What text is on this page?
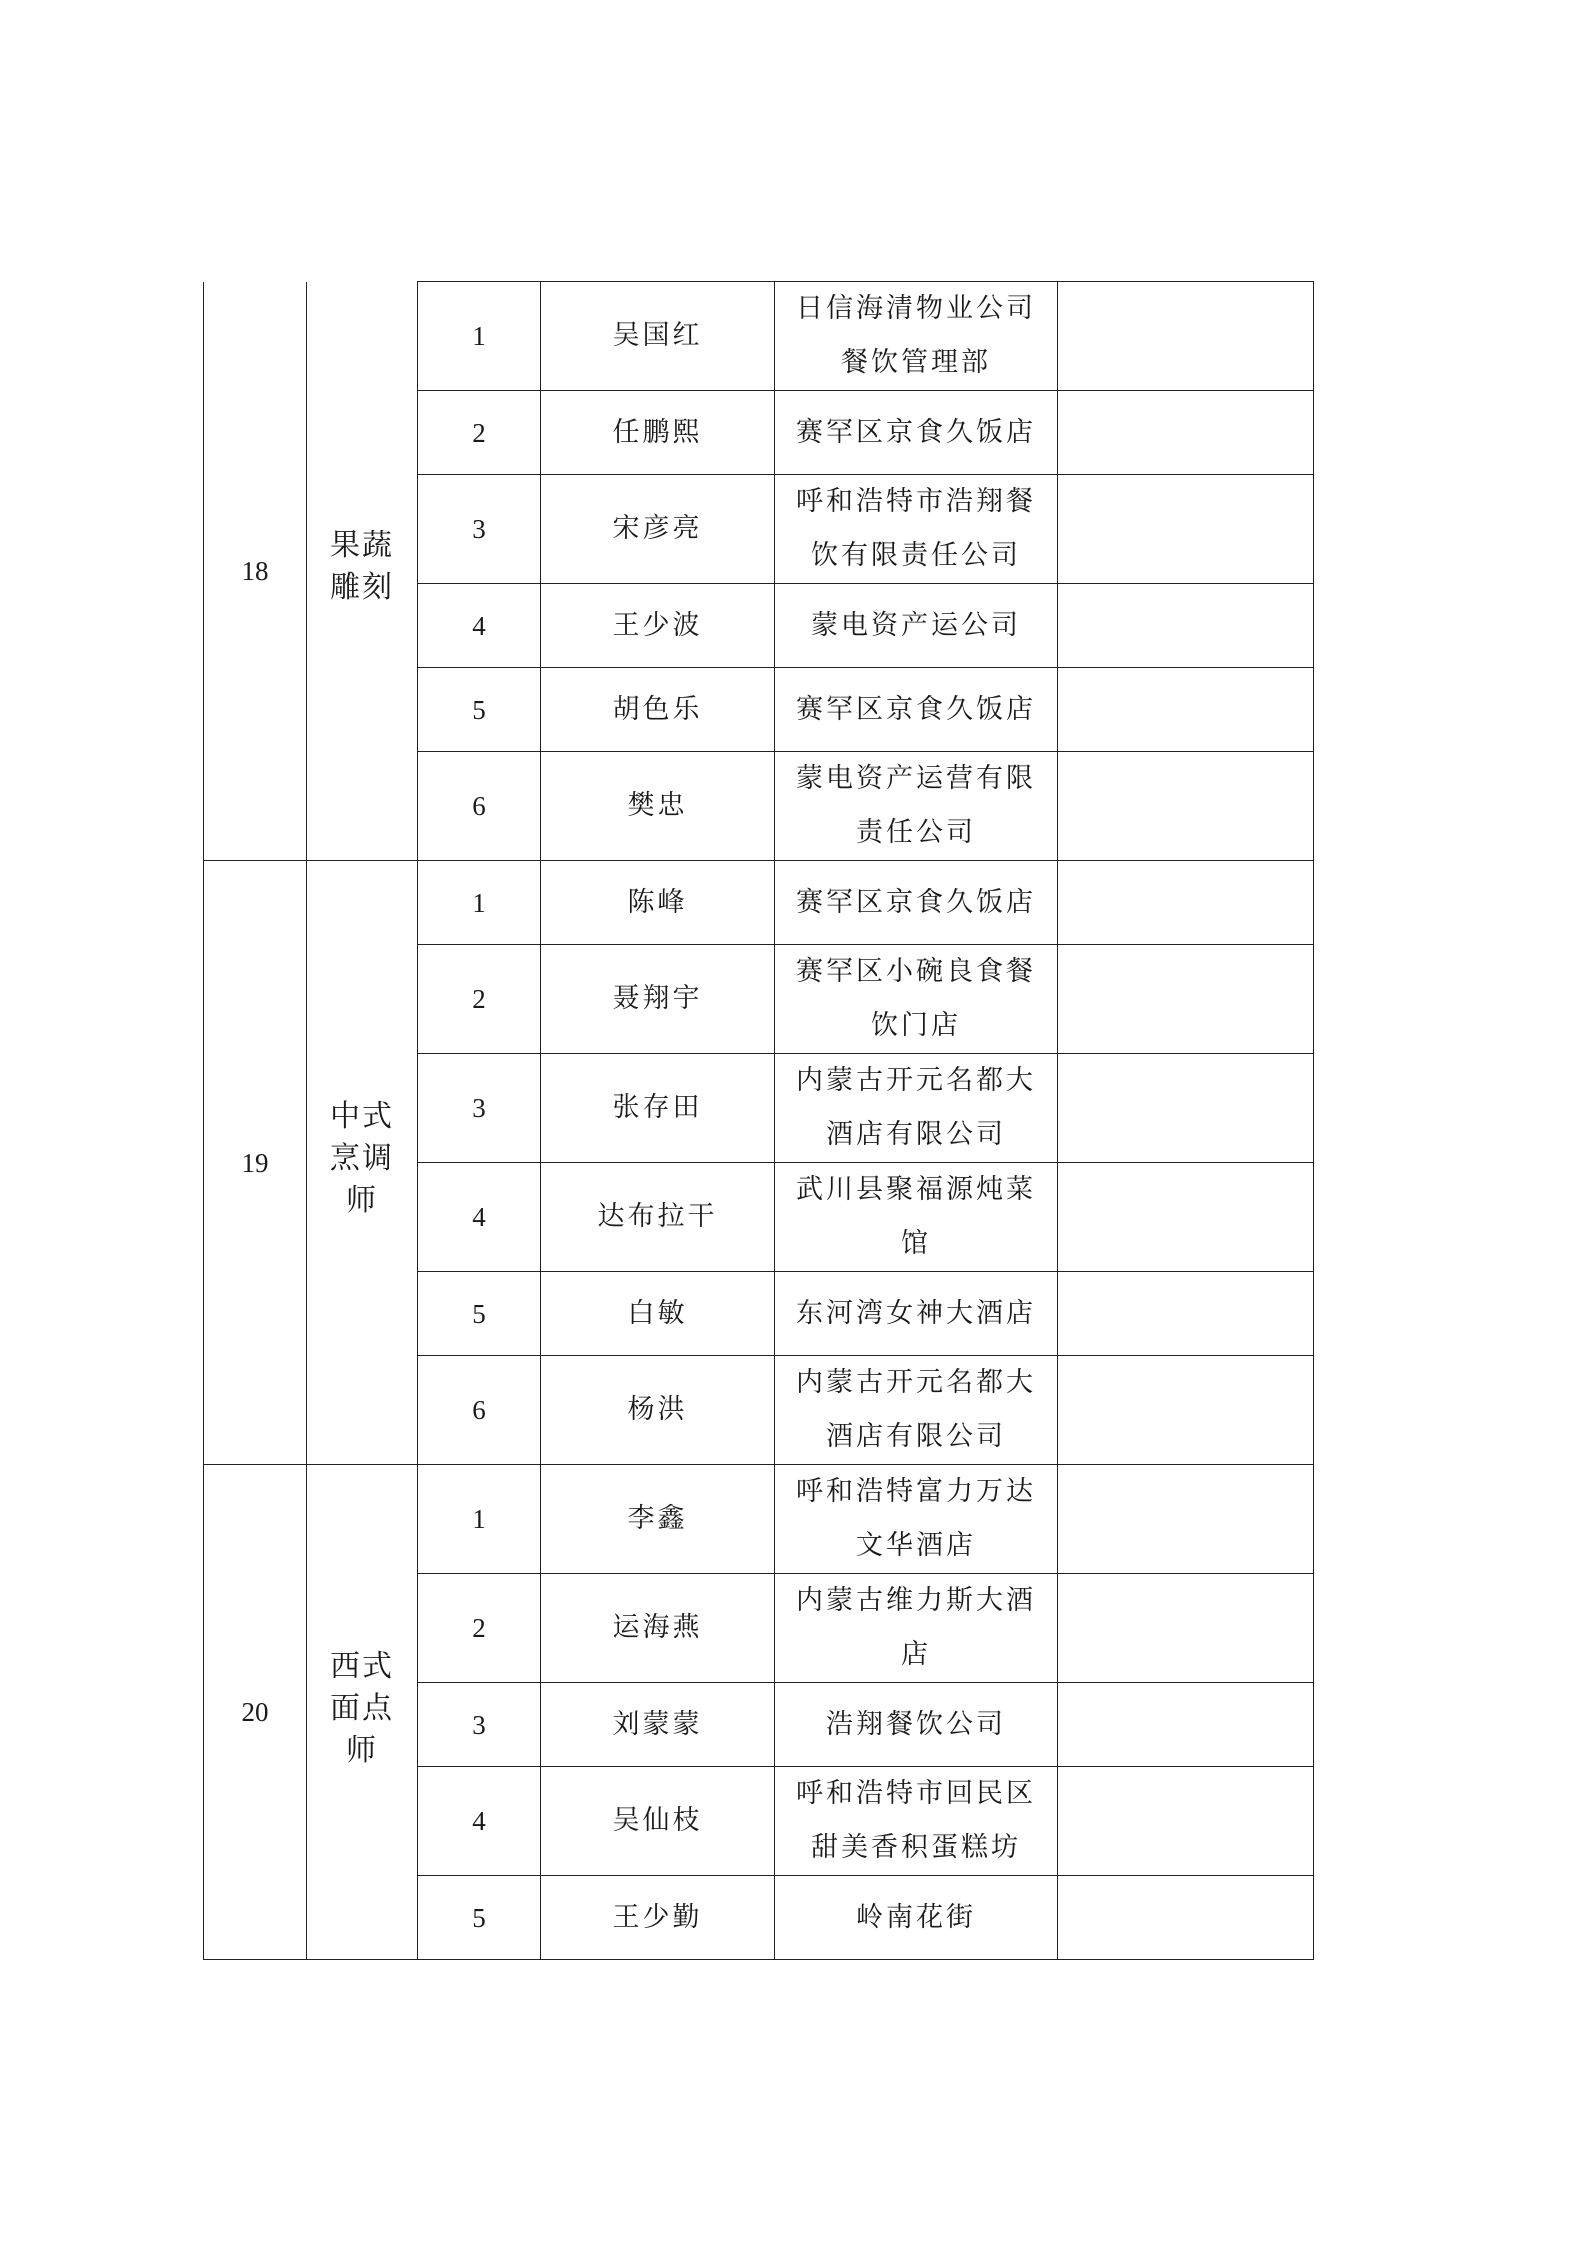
18	果蔬雕刻	1	吴国红	日信海清物业公司餐饮管理部	
		2	任鹏熙	赛罕区京食久饭店	
		3	宋彦亮	呼和浩特市浩翔餐饮有限责任公司	
		4	王少波	蒙电资产运公司	
		5	胡色乐	赛罕区京食久饭店	
		6	樊忠	蒙电资产运营有限责任公司	
19	中式烹调师	1	陈峰	赛罕区京食久饭店	
		2	聂翔宇	赛罕区小碗良食餐饮门店	
		3	张存田	内蒙古开元名都大酒店有限公司	
		4	达布拉干	武川县聚福源炖菜馆	
		5	白敏	东河湾女神大酒店	
		6	杨洪	内蒙古开元名都大酒店有限公司	
20	西式面点师	1	李鑫	呼和浩特富力万达文华酒店	
		2	运海燕	内蒙古维力斯大酒店	
		3	刘蒙蒙	浩翔餐饮公司	
		4	吴仙枝	呼和浩特市回民区甜美香积蛋糕坊	
		5	王少勤	岭南花街	
